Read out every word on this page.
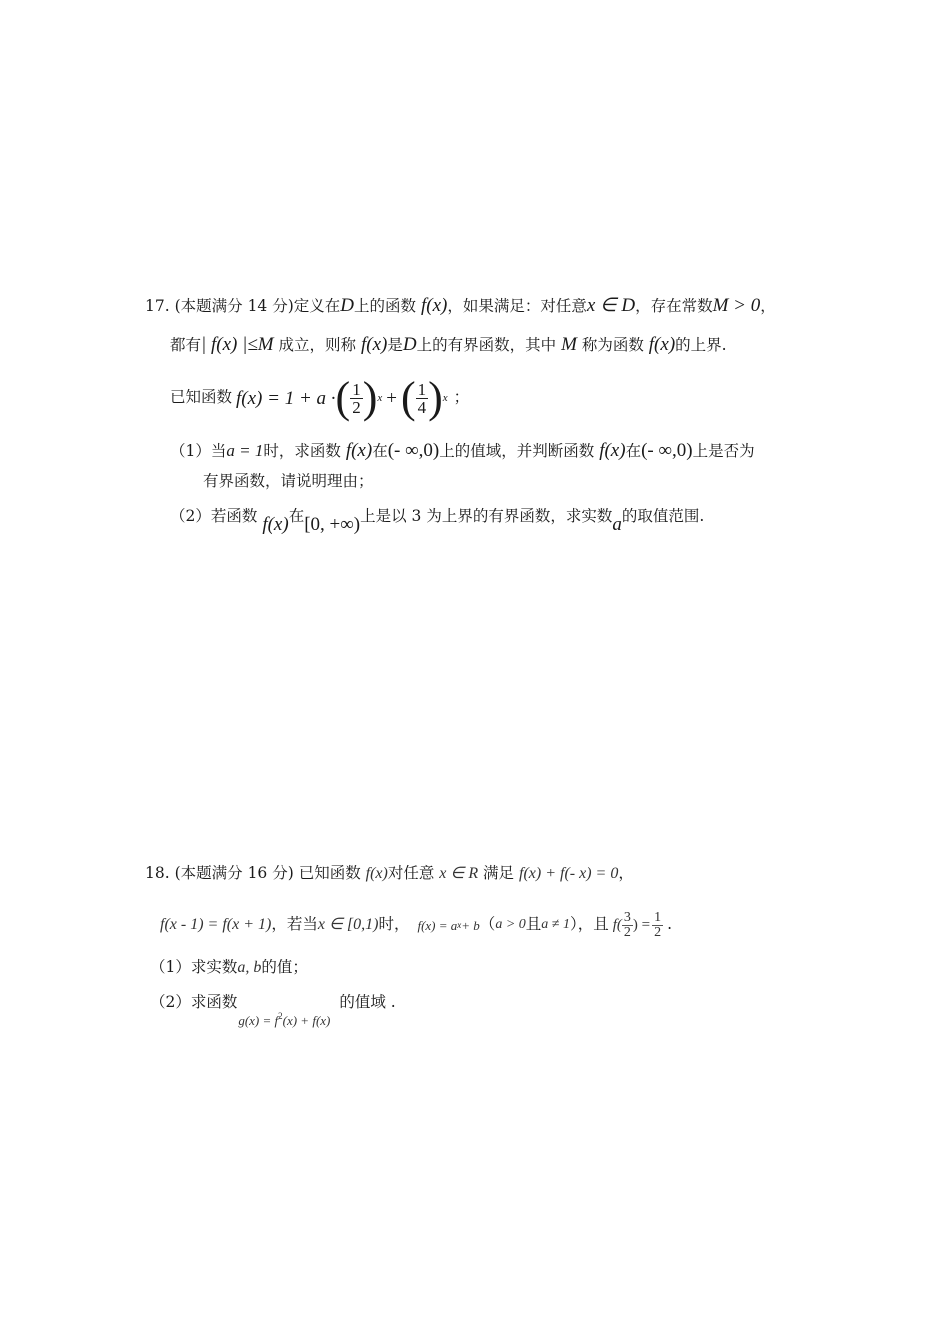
17. (本题满分 14 分)定义在D上的函数 f(x)，如果满足：对任意x ∈ D，存在常数M > 0，
都有| f(x) |≤M 成立，则称 f(x)是D上的有界函数，其中 M 称为函数 f(x)的上界.
已知函数 f(x) = 1 + a · ( $\frac{1}{2}$ ) x + ( $\frac{1}{4}$ ) x ；
（1）当a = 1时，求函数 f(x)在(- ∞,0)上的值域，并判断函数 f(x)在(- ∞,0)上是否为
有界函数，请说明理由；
（2）若函数 f(x)在[0, +∞)上是以 3 为上界的有界函数，求实数a的取值范围.
18. (本题满分 16 分) 已知函数 f(x)对任意 x ∈ R 满足 f(x) + f(- x) = 0，
f(x - 1) = f(x + 1) ，若当 x ∈ [0,1) 时， f(x) = a x + b （ a > 0 且 a ≠ 1 ），且 $f( \frac{3}{2}$ ) = $\frac{1}{2}$ .
（1）求实数a, b的值；
（2）求函数 $g(x) = f^2(x) + f(x)$ 的值域 .
